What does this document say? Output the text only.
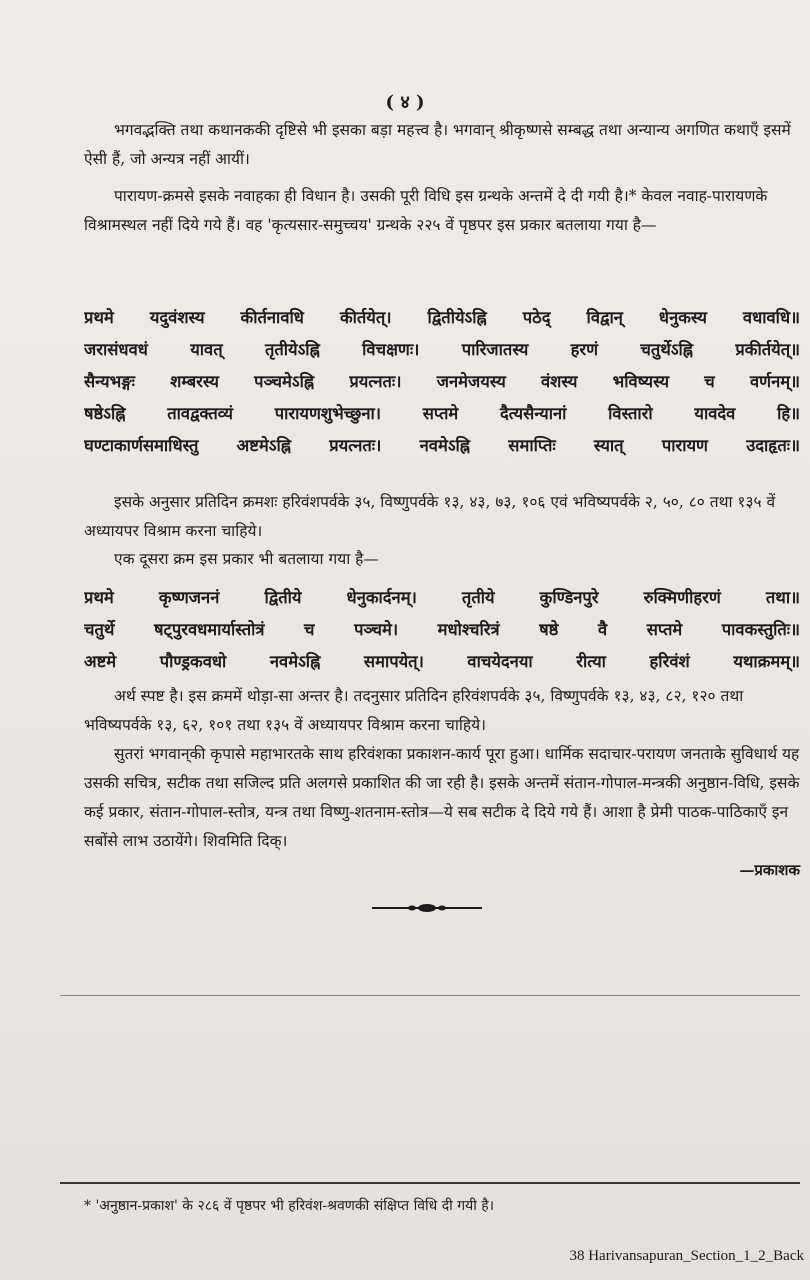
( ४ )

भगवद्भक्ति तथा कथानककी दृष्टिसे भी इसका बड़ा महत्त्व है। भगवान् श्रीकृष्णसे सम्बद्ध तथा अन्यान्य अगणित कथाएँ इसमें ऐसी हैं, जो अन्यत्र नहीं आयीं।

पारायण-क्रमसे इसके नवाहका ही विधान है। उसकी पूरी विधि इस ग्रन्थके अन्तमें दे दी गयी है।* केवल नवाह-पारायणके विश्रामस्थल नहीं दिये गये हैं। वह 'कृत्यसार-समुच्चय' ग्रन्थके २२५ वें पृष्ठपर इस प्रकार बतलाया गया है—

प्रथमे यदुवंशस्य कीर्तनावधि कीर्तयेत्। द्वितीयेऽह्नि पठेद् विद्वान् धेनुकस्य वधावधि॥
जरासंधवधं यावत् तृतीयेऽह्नि विचक्षणः। पारिजातस्य हरणं चतुर्थेऽह्नि प्रकीर्तयेत्॥
सैन्यभङ्गः शम्बरस्य पञ्चमेऽह्नि प्रयत्नतः। जनमेजयस्य वंशस्य भविष्यस्य च वर्णनम्॥
षष्ठेऽह्नि तावद्वक्तव्यं पारायणशुभेच्छुना। सप्तमे दैत्यसैन्यानां विस्तारो यावदेव हि॥
घण्टाकार्णसमाधिस्तु अष्टमेऽह्नि प्रयत्नतः। नवमेऽह्नि समाप्तिः स्यात् पारायण उदाहृतः॥

इसके अनुसार प्रतिदिन क्रमशः हरिवंशपर्वके ३५, विष्णुपर्वके १३, ४३, ७३, १०६ एवं भविष्यपर्वके २, ५०, ८० तथा १३५ वें अध्यायपर विश्राम करना चाहिये।

एक दूसरा क्रम इस प्रकार भी बतलाया गया है—

प्रथमे कृष्णजननं द्वितीये धेनुकार्दनम्। तृतीये कुण्डिनपुरे रुक्मिणीहरणं तथा॥
चतुर्थे षट्पुरवधमार्यास्तोत्रं च पञ्चमे। मधोश्चरित्रं षष्ठे वै सप्तमे पावकस्तुतिः॥
अष्टमे पौण्ड्रकवधो नवमेऽह्नि समापयेत्। वाचयेदनया रीत्या हरिवंशं यथाक्रमम्॥

अर्थ स्पष्ट है। इस क्रममें थोड़ा-सा अन्तर है। तदनुसार प्रतिदिन हरिवंशपर्वके ३५, विष्णुपर्वके १३, ४३, ८२, १२० तथा भविष्यपर्वके १३, ६२, १०१ तथा १३५ वें अध्यायपर विश्राम करना चाहिये।

सुतरां भगवान्‌की कृपासे महाभारतके साथ हरिवंशका प्रकाशन-कार्य पूरा हुआ। धार्मिक सदाचार-परायण जनताके सुविधार्थ यह उसकी सचित्र, सटीक तथा सजिल्द प्रति अलगसे प्रकाशित की जा रही है। इसके अन्तमें संतान-गोपाल-मन्त्रकी अनुष्ठान-विधि, इसके कई प्रकार, संतान-गोपाल-स्तोत्र, यन्त्र तथा विष्णु-शतनाम-स्तोत्र—ये सब सटीक दे दिये गये हैं। आशा है प्रेमी पाठक-पाठिकाएँ इन सबोंसे लाभ उठायेंगे। शिवमिति दिक्।

—प्रकाशक
* 'अनुष्ठान-प्रकाश' के २८६ वें पृष्ठपर भी हरिवंश-श्रवणकी संक्षिप्त विधि दी गयी है।
38 Harivansapuran_Section_1_2_Back
